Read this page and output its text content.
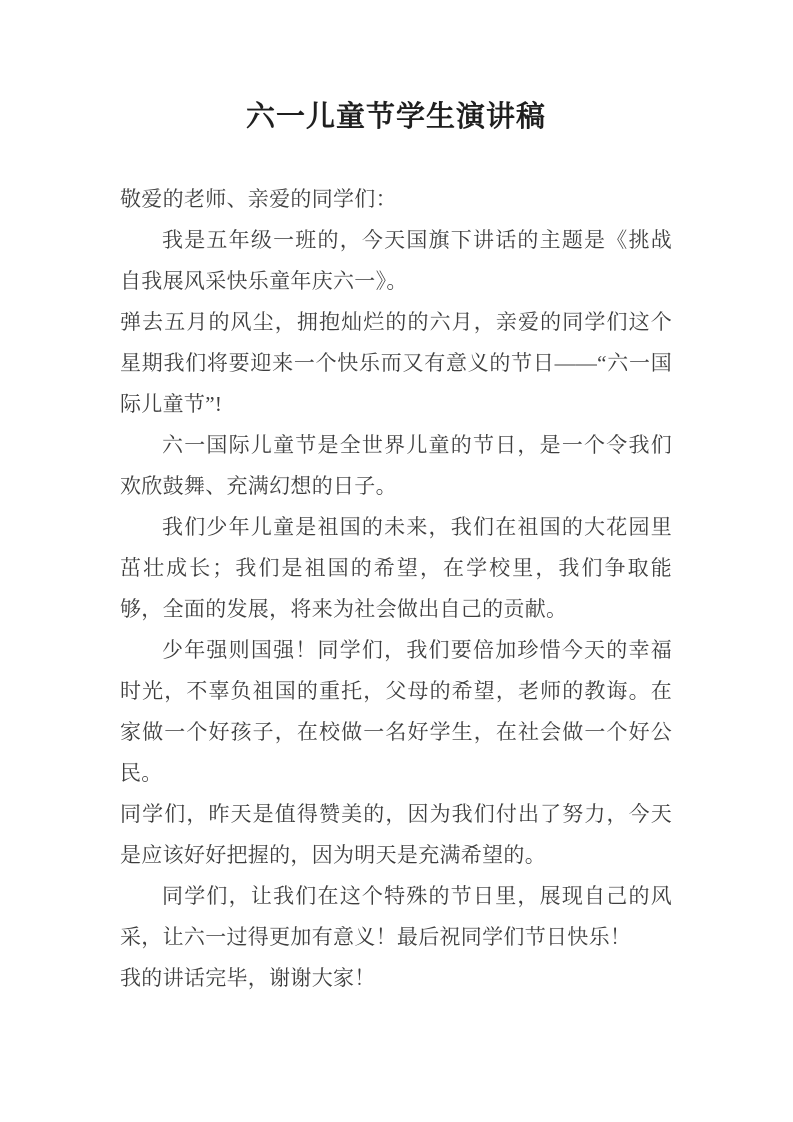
六一儿童节学生演讲稿

敬爱的老师、亲爱的同学们：

我是五年级一班的，今天国旗下讲话的主题是《挑战自我展风采快乐童年庆六一》。

弹去五月的风尘，拥抱灿烂的的六月，亲爱的同学们这个星期我们将要迎来一个快乐而又有意义的节日——“六一国际儿童节”!

六一国际儿童节是全世界儿童的节日，是一个令我们欢欣鼓舞、充满幻想的日子。

我们少年儿童是祖国的未来，我们在祖国的大花园里茁壮成长；我们是祖国的希望，在学校里，我们争取能够，全面的发展，将来为社会做出自己的贡献。

少年强则国强！同学们，我们要倍加珍惜今天的幸福时光，不辜负祖国的重托，父母的希望，老师的教诲。在家做一个好孩子，在校做一名好学生，在社会做一个好公民。

同学们，昨天是值得赞美的，因为我们付出了努力，今天是应该好好把握的，因为明天是充满希望的。

同学们，让我们在这个特殊的节日里，展现自己的风采，让六一过得更加有意义！最后祝同学们节日快乐！

我的讲话完毕，谢谢大家！
